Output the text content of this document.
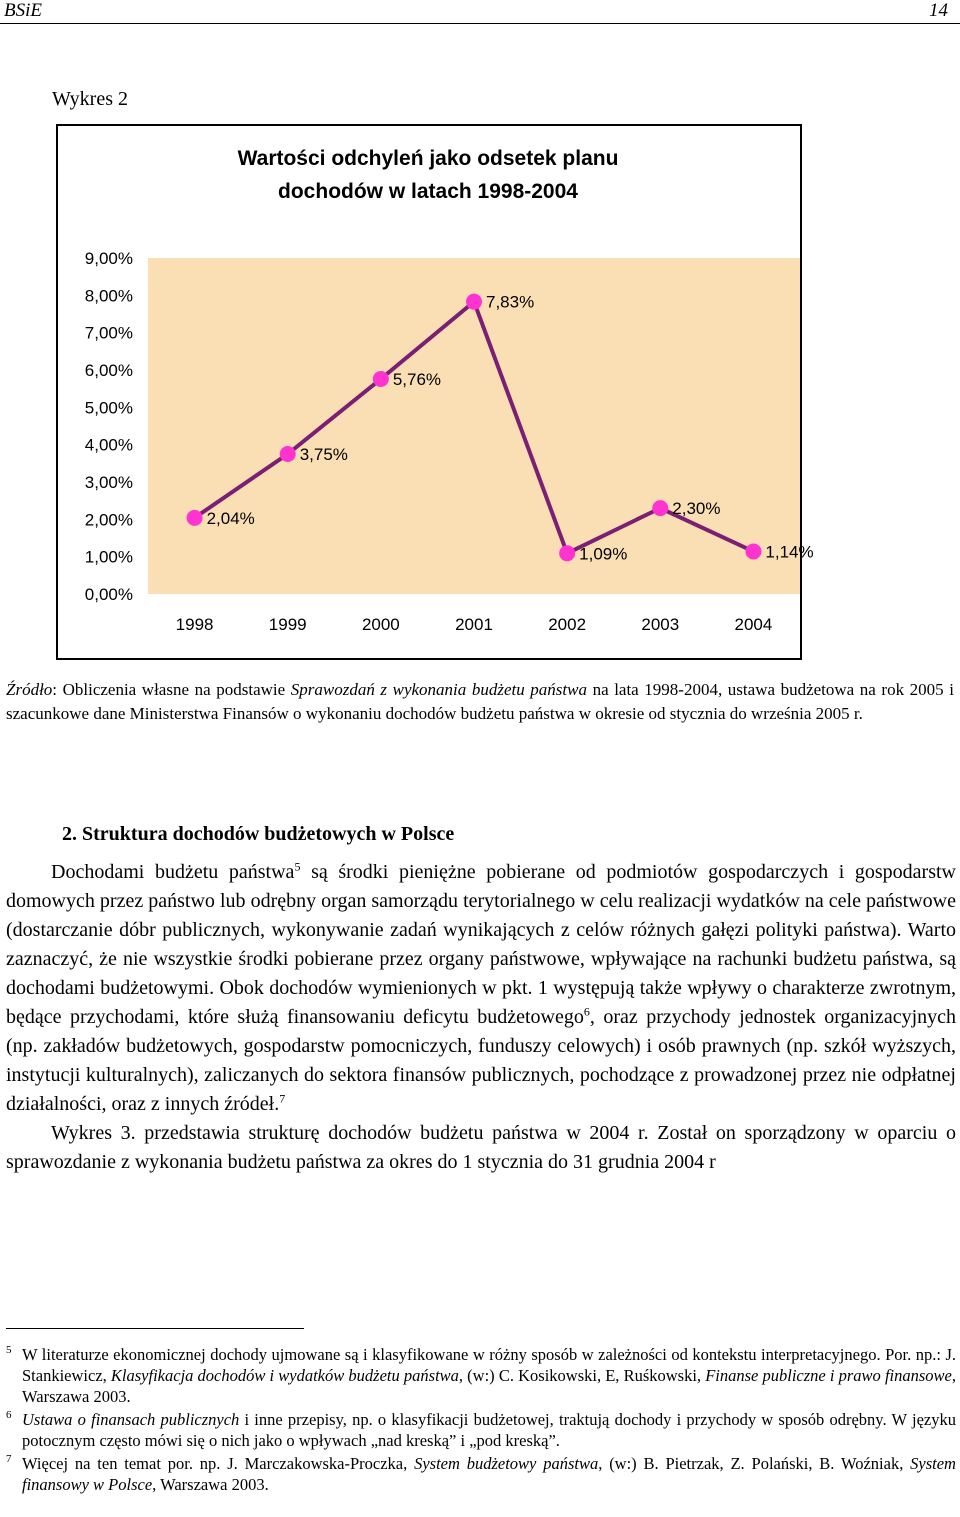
BSiE	14
Wykres 2
Wartości odchyleń jako odsetek planu
dochodów w latach 1998-2004
9,00%
8,00%
7,00%
6,00%
5,00%
4,00%
3,00%
2,00%
1,00%
0,00%
1998	1999	2000	2001	2002	2003	2004
2,04%
3,75%
5,76%
7,83%
1,09%
2,30%
1,14%
Źródło: Obliczenia własne na podstawie Sprawozdań z wykonania budżetu państwa na lata 1998-2004, ustawa budżetowa na rok 2005 i szacunkowe dane Ministerstwa Finansów o wykonaniu dochodów budżetu państwa w okresie od stycznia do września 2005 r.
2. Struktura dochodów budżetowych w Polsce

Dochodami budżetu państwa$^5$ są środki pieniężne pobierane od podmiotów gospodarczych i gospodarstw domowych przez państwo lub odrębny organ samorządu terytorialnego w celu realizacji wydatków na cele państwowe (dostarczanie dóbr publicznych, wykonywanie zadań wynikających z celów różnych gałęzi polityki państwa). Warto zaznaczyć, że nie wszystkie środki pobierane przez organy państwowe, wpływające na rachunki budżetu państwa, są dochodami budżetowymi. Obok dochodów wymienionych w pkt. 1 występują także wpływy o charakterze zwrotnym, będące przychodami, które służą finansowaniu deficytu budżetowego$^6$, oraz przychody jednostek organizacyjnych (np. zakładów budżetowych, gospodarstw pomocniczych, funduszy celowych) i osób prawnych (np. szkół wyższych, instytucji kulturalnych), zaliczanych do sektora finansów publicznych, pochodzące z prowadzonej przez nie odpłatnej działalności, oraz z innych źródeł.$^7$

Wykres 3. przedstawia strukturę dochodów budżetu państwa w 2004 r. Został on sporządzony w oparciu o sprawozdanie z wykonania budżetu państwa za okres do 1 stycznia do 31 grudnia 2004 r

5 W literaturze ekonomicznej dochody ujmowane są i klasyfikowane w różny sposób w zależności od kontekstu interpretacyjnego. Por. np.: J. Stankiewicz, Klasyfikacja dochodów i wydatków budżetu państwa, (w:) C. Kosikowski, E, Ruśkowski, Finanse publiczne i prawo finansowe, Warszawa 2003.
6 Ustawa o finansach publicznych i inne przepisy, np. o klasyfikacji budżetowej, traktują dochody i przychody w sposób odrębny. W języku potocznym często mówi się o nich jako o wpływach „nad kreską” i „pod kreską”.
7 Więcej na ten temat por. np. J. Marczakowska-Proczka, System budżetowy państwa, (w:) B. Pietrzak, Z. Polański, B. Woźniak, System finansowy w Polsce, Warszawa 2003.
